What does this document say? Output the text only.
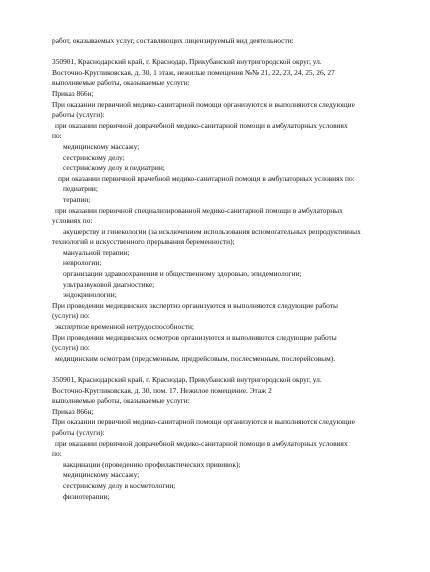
работ, оказываемых услуг, составляющих лицензируемый вид деятельности:
350901, Краснодарский край, г. Краснодар, Прикубанский внутригородской округ, ул.
Восточно-Кругликовская, д. 30, 1 этаж, нежилые помещения №№ 21, 22, 23, 24, 25, 26, 27
выполняемые работы, оказываемые услуги:
Приказ 866н;
При оказании первичной медико-санитарной помощи организуются и выполняются следующие
работы (услуги):
при оказании первичной доврачебной медико-санитарной помощи в амбулаторных условиях
по:
медицинскому массажу;
сестринскому делу;
сестринскому делу в педиатрии;
при оказании первичной врачебной медико-санитарной помощи в амбулаторных условиях по:
педиатрии;
терапии;
при оказании первичной специализированной медико-санитарной помощи в амбулаторных
условиях по:
акушерству и гинекологии (за исключением использования вспомогательных репродуктивных
технологий и искусственного прерывания беременности);
мануальной терапии;
неврологии;
организации здравоохранения и общественному здоровью, эпидемиологии;
ультразвуковой диагностике;
эндокринологии;
При проведении медицинских экспертиз организуются и выполняются следующие работы
(услуги) по:
экспертизе временной нетрудоспособности;
При проведении медицинских осмотров организуются и выполняются следующие работы
(услуги) по:
медицинским осмотрам (предсменным, предрейсовым, послесменным, послерейсовым).
350901, Краснодарский край, г. Краснодар, Прикубанский внутригородской округ, ул.
Восточно-Кругликовская, д. 30, пом. 17. Нежилое помещение. Этаж 2
выполняемые работы, оказываемые услуги:
Приказ 866н;
При оказании первичной медико-санитарной помощи организуются и выполняются следующие
работы (услуги):
при оказании первичной доврачебной медико-санитарной помощи в амбулаторных условиях
по:
вакцинации (проведению профилактических прививок);
медицинскому массажу;
сестринскому делу в косметологии;
физиотерапии;
